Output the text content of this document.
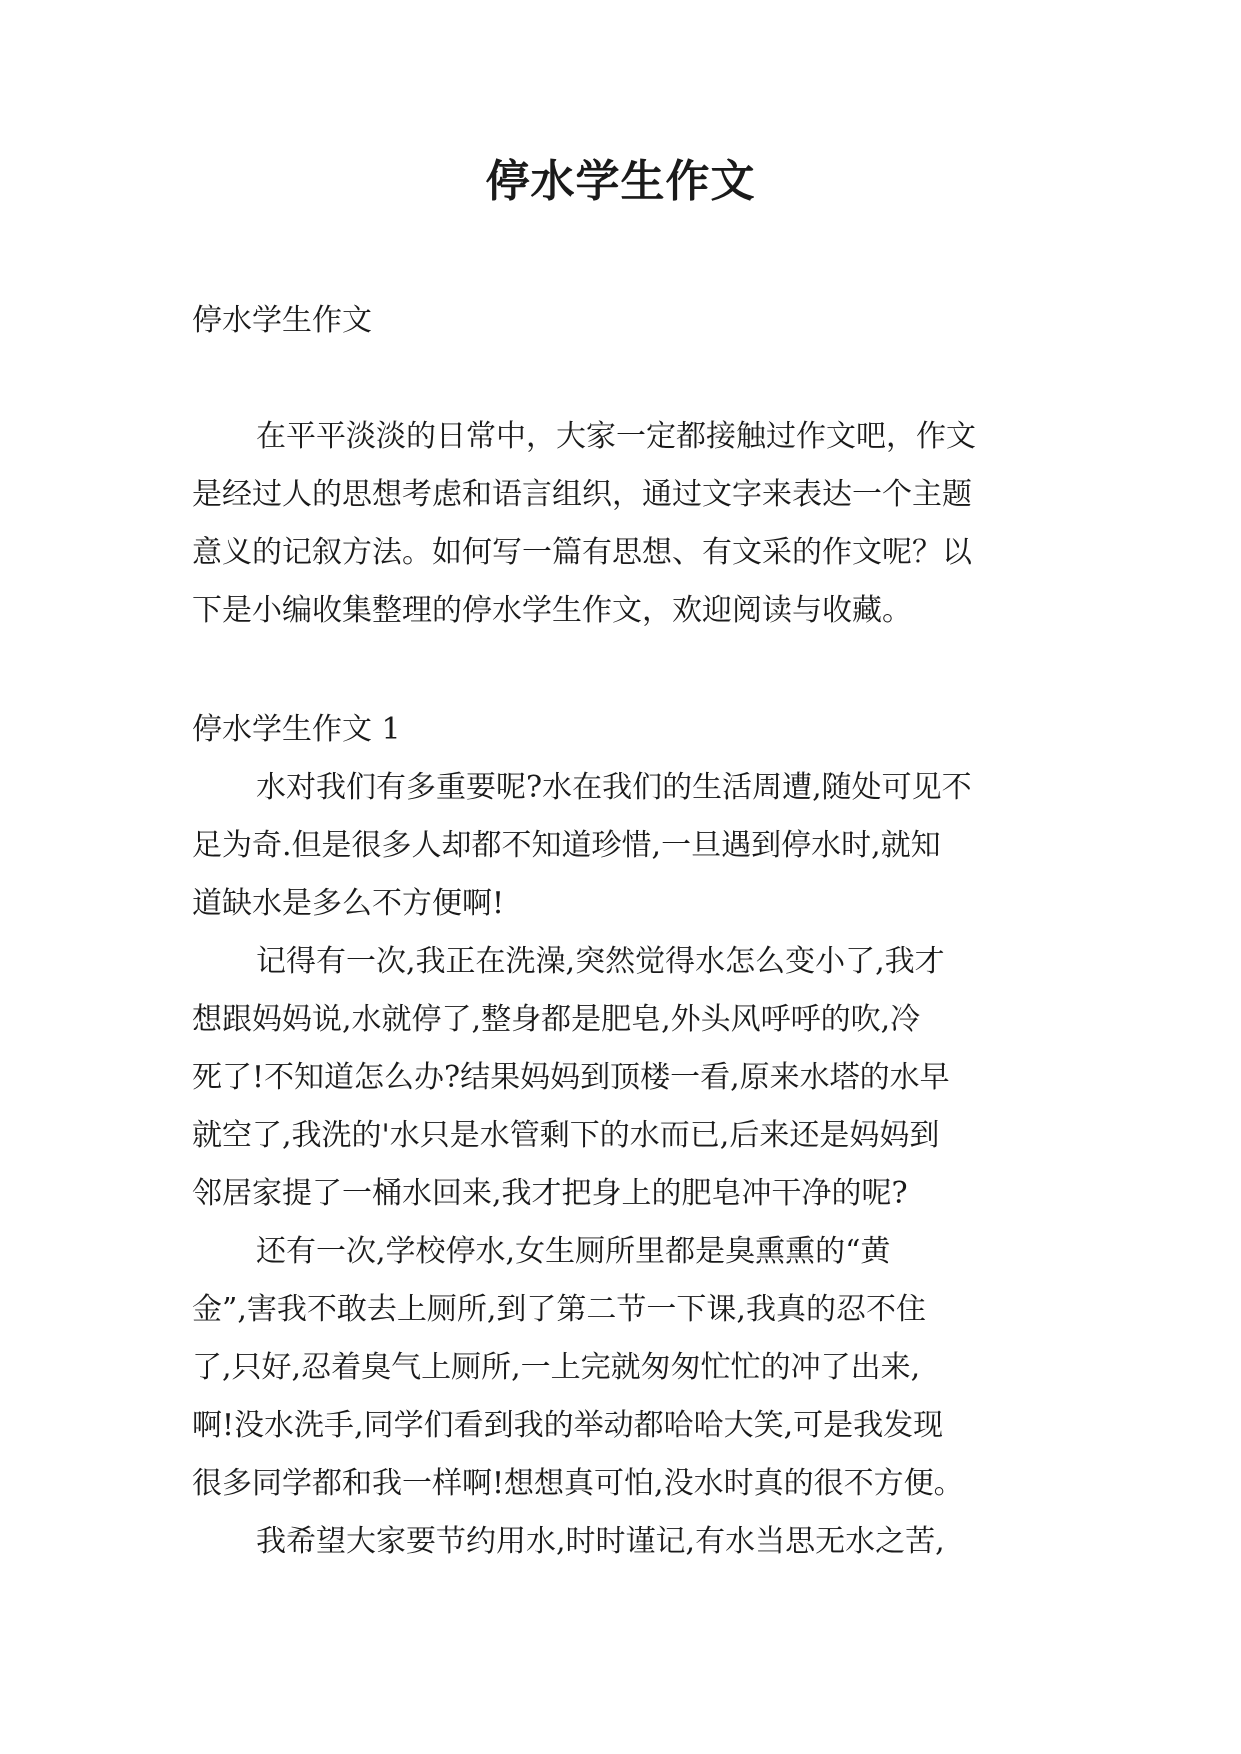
停水学生作文

停水学生作文

在平平淡淡的日常中，大家一定都接触过作文吧，作文
是经过人的思想考虑和语言组织，通过文字来表达一个主题
意义的记叙方法。如何写一篇有思想、有文采的作文呢？以
下是小编收集整理的停水学生作文，欢迎阅读与收藏。

停水学生作文 1

水对我们有多重要呢?水在我们的生活周遭,随处可见不
足为奇.但是很多人却都不知道珍惜,一旦遇到停水时,就知
道缺水是多么不方便啊!
记得有一次,我正在洗澡,突然觉得水怎么变小了,我才
想跟妈妈说,水就停了,整身都是肥皂,外头风呼呼的吹,冷
死了!不知道怎么办?结果妈妈到顶楼一看,原来水塔的水早
就空了,我洗的'水只是水管剩下的水而已,后来还是妈妈到
邻居家提了一桶水回来,我才把身上的肥皂冲干净的呢?
还有一次,学校停水,女生厕所里都是臭熏熏的“黄
金”,害我不敢去上厕所,到了第二节一下课,我真的忍不住
了,只好,忍着臭气上厕所,一上完就匆匆忙忙的冲了出来,
啊!没水洗手,同学们看到我的举动都哈哈大笑,可是我发现
很多同学都和我一样啊!想想真可怕,没水时真的很不方便。
我希望大家要节约用水,时时谨记,有水当思无水之苦,
